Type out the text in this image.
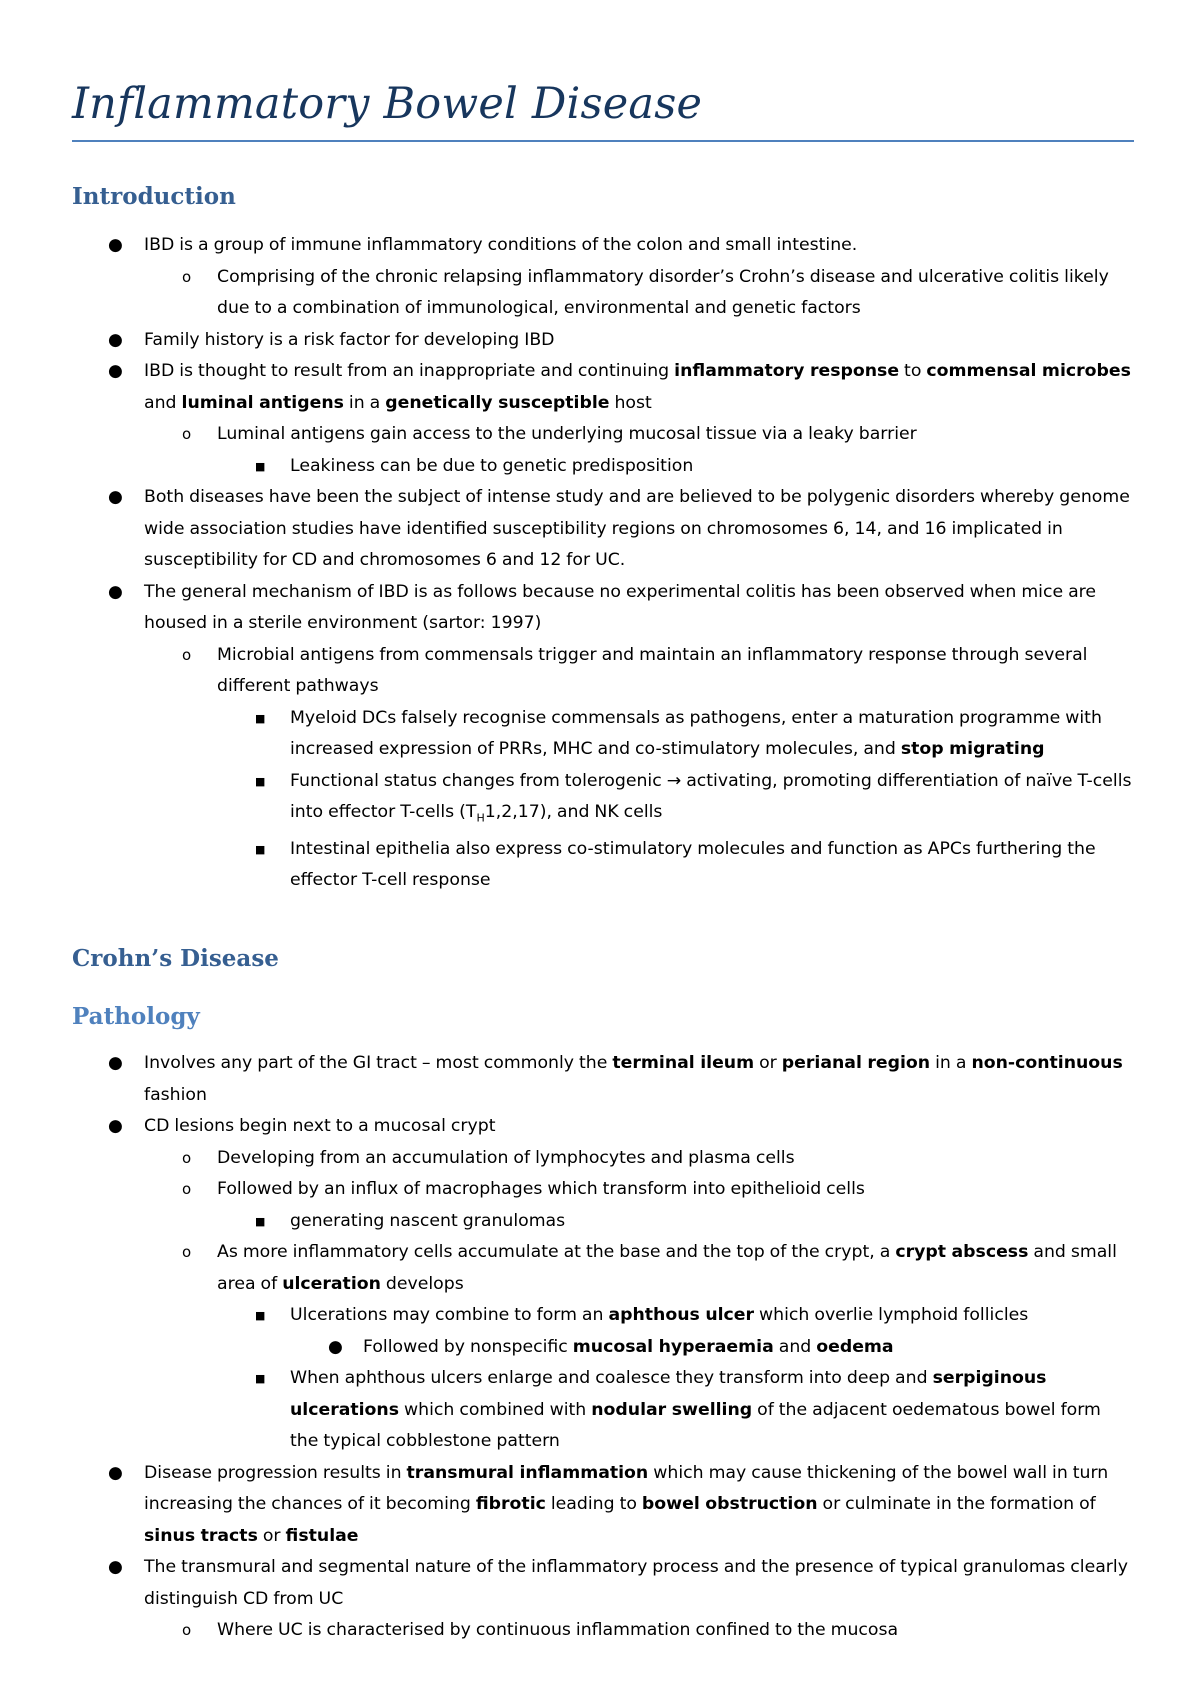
Inflammatory Bowel Disease
Introduction
● IBD is a group of immune inflammatory conditions of the colon and small intestine.
o Comprising of the chronic relapsing inflammatory disorder’s Crohn’s disease and ulcerative colitis likely due to a combination of immunological, environmental and genetic factors
● Family history is a risk factor for developing IBD
● IBD is thought to result from an inappropriate and continuing inflammatory response to commensal microbes and luminal antigens in a genetically susceptible host
o Luminal antigens gain access to the underlying mucosal tissue via a leaky barrier
■ Leakiness can be due to genetic predisposition
● Both diseases have been the subject of intense study and are believed to be polygenic disorders whereby genome wide association studies have identified susceptibility regions on chromosomes 6, 14, and 16 implicated in susceptibility for CD and chromosomes 6 and 12 for UC.
● The general mechanism of IBD is as follows because no experimental colitis has been observed when mice are housed in a sterile environment (sartor: 1997)
o Microbial antigens from commensals trigger and maintain an inflammatory response through several different pathways
■ Myeloid DCs falsely recognise commensals as pathogens, enter a maturation programme with increased expression of PRRs, MHC and co-stimulatory molecules, and stop migrating
■ Functional status changes from tolerogenic → activating, promoting differentiation of naïve T-cells into effector T-cells $(T_H1,2,17)$, and NK cells
■ Intestinal epithelia also express co-stimulatory molecules and function as APCs furthering the effector T-cell response
Crohn’s Disease
Pathology
● Involves any part of the GI tract – most commonly the terminal ileum or perianal region in a non-continuous fashion
● CD lesions begin next to a mucosal crypt
o Developing from an accumulation of lymphocytes and plasma cells
o Followed by an influx of macrophages which transform into epithelioid cells
■ generating nascent granulomas
o As more inflammatory cells accumulate at the base and the top of the crypt, a crypt abscess and small area of ulceration develops
■ Ulcerations may combine to form an aphthous ulcer which overlie lymphoid follicles
● Followed by nonspecific mucosal hyperaemia and oedema
■ When aphthous ulcers enlarge and coalesce they transform into deep and serpiginous ulcerations which combined with nodular swelling of the adjacent oedematous bowel form the typical cobblestone pattern
● Disease progression results in transmural inflammation which may cause thickening of the bowel wall in turn increasing the chances of it becoming fibrotic leading to bowel obstruction or culminate in the formation of sinus tracts or fistulae
● The transmural and segmental nature of the inflammatory process and the presence of typical granulomas clearly distinguish CD from UC
o Where UC is characterised by continuous inflammation confined to the mucosa
